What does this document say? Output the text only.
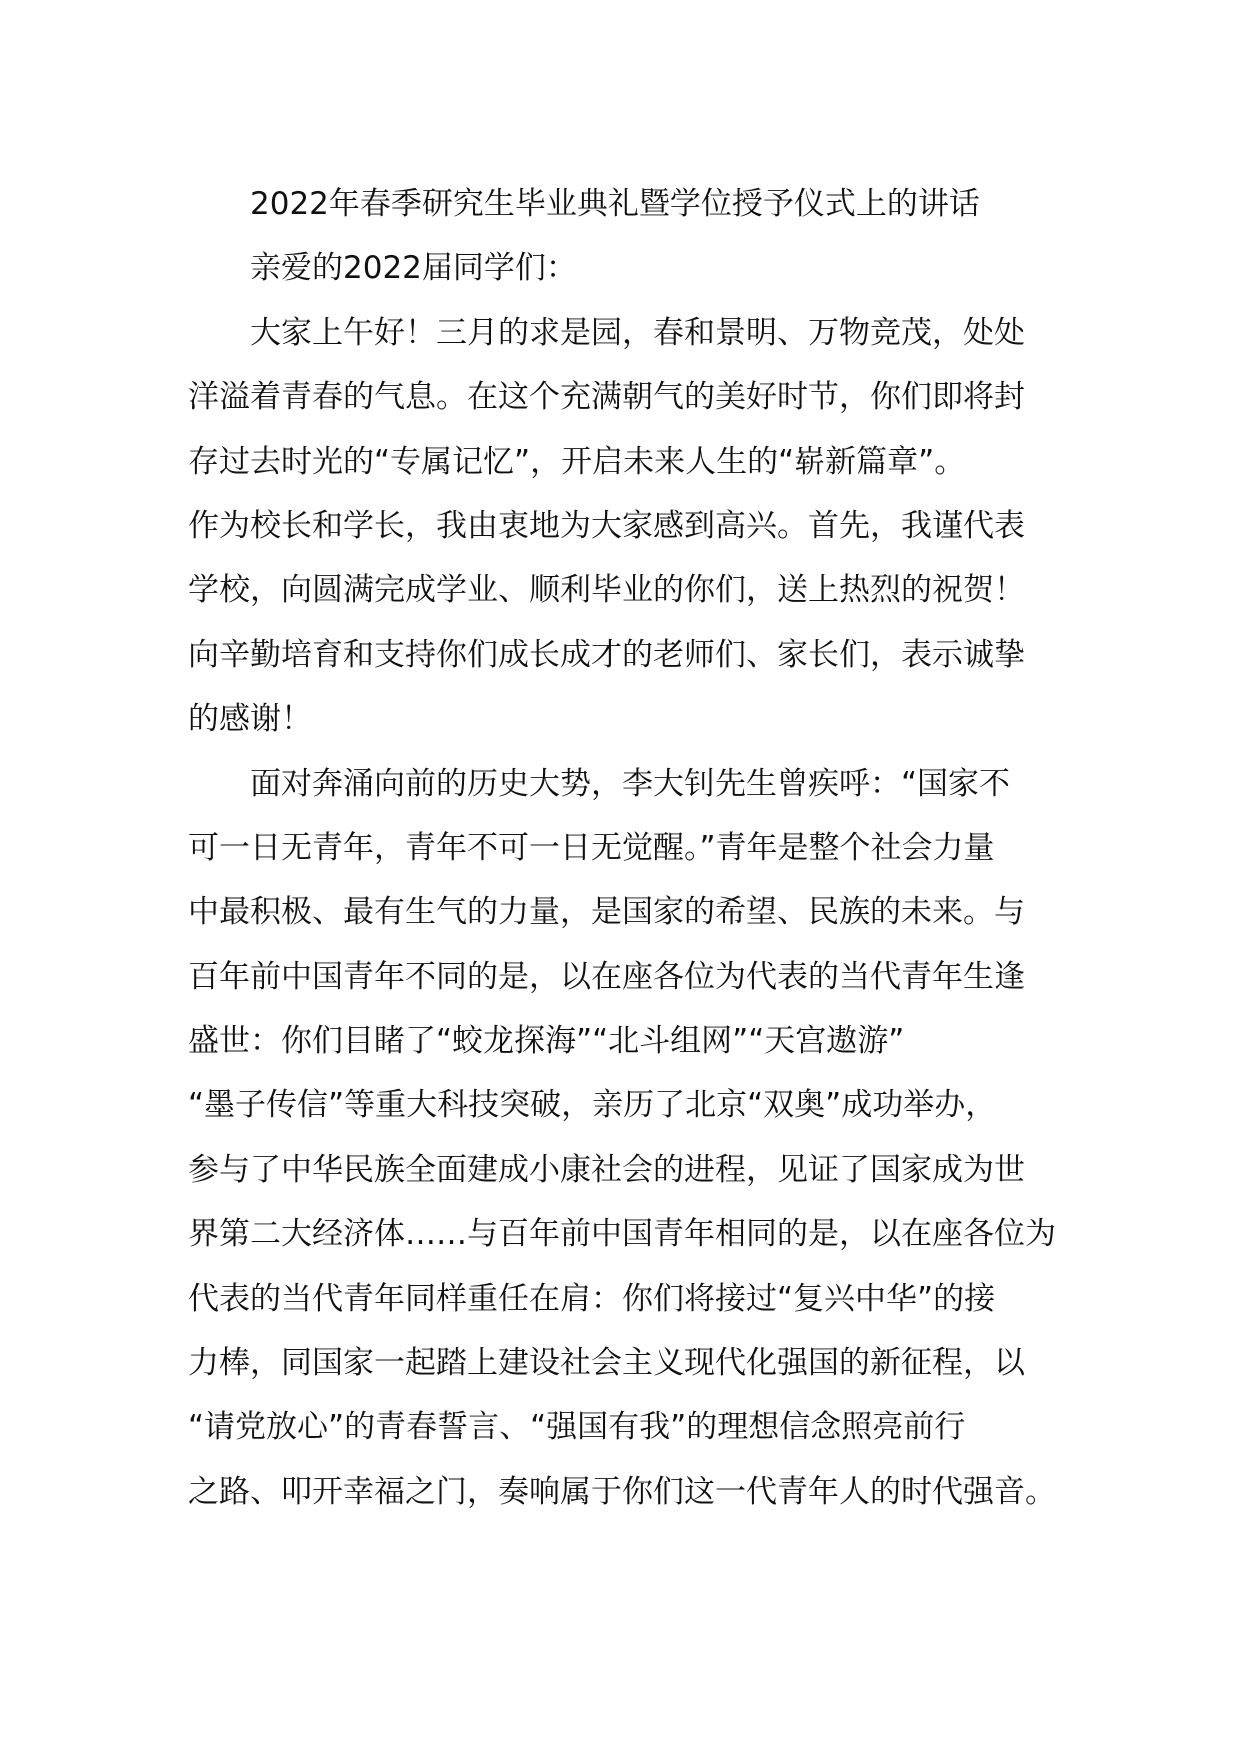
2022年春季研究生毕业典礼暨学位授予仪式上的讲话
亲爱的2022届同学们：
大家上午好！三月的求是园，春和景明、万物竞茂，处处
洋溢着青春的气息。在这个充满朝气的美好时节，你们即将封
存过去时光的“专属记忆”，开启未来人生的“崭新篇章”。
作为校长和学长，我由衷地为大家感到高兴。首先，我谨代表
学校，向圆满完成学业、顺利毕业的你们，送上热烈的祝贺！
向辛勤培育和支持你们成长成才的老师们、家长们，表示诚挚
的感谢！
面对奔涌向前的历史大势，李大钊先生曾疾呼：“国家不
可一日无青年，青年不可一日无觉醒。”青年是整个社会力量
中最积极、最有生气的力量，是国家的希望、民族的未来。与
百年前中国青年不同的是，以在座各位为代表的当代青年生逢
盛世：你们目睹了“蛟龙探海”“北斗组网”“天宫遨游”
“墨子传信”等重大科技突破，亲历了北京“双奥”成功举办，
参与了中华民族全面建成小康社会的进程，见证了国家成为世
界第二大经济体……与百年前中国青年相同的是，以在座各位为
代表的当代青年同样重任在肩：你们将接过“复兴中华”的接
力棒，同国家一起踏上建设社会主义现代化强国的新征程，以
“请党放心”的青春誓言、“强国有我”的理想信念照亮前行
之路、叩开幸福之门，奏响属于你们这一代青年人的时代强音。
